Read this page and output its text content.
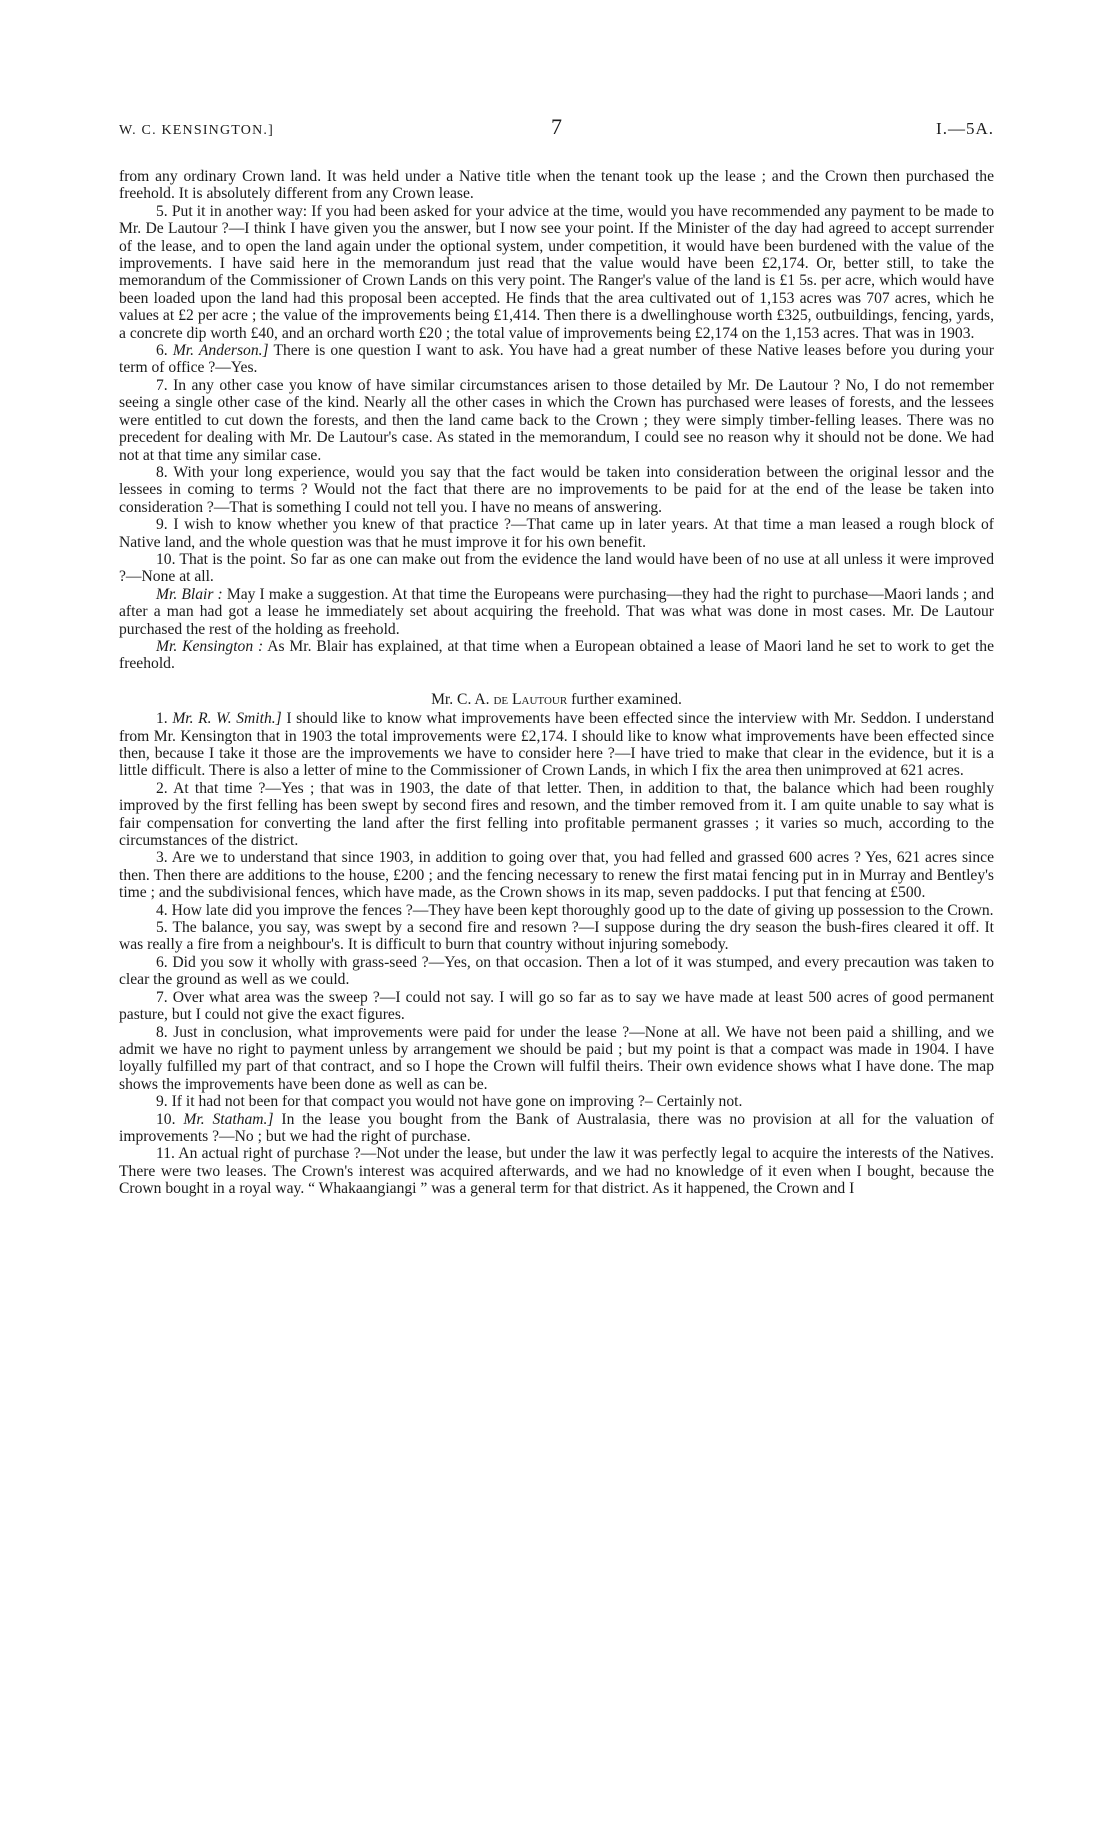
W. C. KENSINGTON.]	7	I.—5A.

from any ordinary Crown land. It was held under a Native title when the tenant took up the lease ; and the Crown then purchased the freehold. It is absolutely different from any Crown lease.

5. Put it in another way: If you had been asked for your advice at the time, would you have recommended any payment to be made to Mr. De Lautour ?—I think I have given you the answer, but I now see your point. If the Minister of the day had agreed to accept surrender of the lease, and to open the land again under the optional system, under competition, it would have been burdened with the value of the improvements. I have said here in the memorandum just read that the value would have been £2,174. Or, better still, to take the memorandum of the Commissioner of Crown Lands on this very point. The Ranger's value of the land is £1 5s. per acre, which would have been loaded upon the land had this proposal been accepted. He finds that the area cultivated out of 1,153 acres was 707 acres, which he values at £2 per acre ; the value of the improvements being £1,414. Then there is a dwellinghouse worth £325, outbuildings, fencing, yards, a concrete dip worth £40, and an orchard worth £20 ; the total value of improvements being £2,174 on the 1,153 acres. That was in 1903.

6. Mr. Anderson.] There is one question I want to ask. You have had a great number of these Native leases before you during your term of office ?—Yes.

7. In any other case you know of have similar circumstances arisen to those detailed by Mr. De Lautour ? No, I do not remember seeing a single other case of the kind. Nearly all the other cases in which the Crown has purchased were leases of forests, and the lessees were entitled to cut down the forests, and then the land came back to the Crown ; they were simply timber-felling leases. There was no precedent for dealing with Mr. De Lautour's case. As stated in the memorandum, I could see no reason why it should not be done. We had not at that time any similar case.

8. With your long experience, would you say that the fact would be taken into consideration between the original lessor and the lessees in coming to terms ? Would not the fact that there are no improvements to be paid for at the end of the lease be taken into consideration ?—That is something I could not tell you. I have no means of answering.

9. I wish to know whether you knew of that practice ?—That came up in later years. At that time a man leased a rough block of Native land, and the whole question was that he must improve it for his own benefit.

10. That is the point. So far as one can make out from the evidence the land would have been of no use at all unless it were improved ?—None at all.

Mr. Blair : May I make a suggestion. At that time the Europeans were purchasing—they had the right to purchase—Maori lands ; and after a man had got a lease he immediately set about acquiring the freehold. That was what was done in most cases. Mr. De Lautour purchased the rest of the holding as freehold.

Mr. Kensington : As Mr. Blair has explained, at that time when a European obtained a lease of Maori land he set to work to get the freehold.

Mr. C. A. de Lautour further examined.

1. Mr. R. W. Smith.] I should like to know what improvements have been effected since the interview with Mr. Seddon. I understand from Mr. Kensington that in 1903 the total improvements were £2,174. I should like to know what improvements have been effected since then, because I take it those are the improvements we have to consider here ?—I have tried to make that clear in the evidence, but it is a little difficult. There is also a letter of mine to the Commissioner of Crown Lands, in which I fix the area then unimproved at 621 acres.

2. At that time ?—Yes ; that was in 1903, the date of that letter. Then, in addition to that, the balance which had been roughly improved by the first felling has been swept by second fires and resown, and the timber removed from it. I am quite unable to say what is fair compensation for converting the land after the first felling into profitable permanent grasses ; it varies so much, according to the circumstances of the district.

3. Are we to understand that since 1903, in addition to going over that, you had felled and grassed 600 acres ? Yes, 621 acres since then. Then there are additions to the house, £200 ; and the fencing necessary to renew the first matai fencing put in in Murray and Bentley's time ; and the subdivisional fences, which have made, as the Crown shows in its map, seven paddocks. I put that fencing at £500.

4. How late did you improve the fences ?—They have been kept thoroughly good up to the date of giving up possession to the Crown.

5. The balance, you say, was swept by a second fire and resown ?—I suppose during the dry season the bush-fires cleared it off. It was really a fire from a neighbour's. It is difficult to burn that country without injuring somebody.

6. Did you sow it wholly with grass-seed ?—Yes, on that occasion. Then a lot of it was stumped, and every precaution was taken to clear the ground as well as we could.

7. Over what area was the sweep ?—I could not say. I will go so far as to say we have made at least 500 acres of good permanent pasture, but I could not give the exact figures.

8. Just in conclusion, what improvements were paid for under the lease ?—None at all. We have not been paid a shilling, and we admit we have no right to payment unless by arrangement we should be paid ; but my point is that a compact was made in 1904. I have loyally fulfilled my part of that contract, and so I hope the Crown will fulfil theirs. Their own evidence shows what I have done. The map shows the improvements have been done as well as can be.

9. If it had not been for that compact you would not have gone on improving ?– Certainly not.

10. Mr. Statham.] In the lease you bought from the Bank of Australasia, there was no provision at all for the valuation of improvements ?—No ; but we had the right of purchase.

11. An actual right of purchase ?—Not under the lease, but under the law it was perfectly legal to acquire the interests of the Natives. There were two leases. The Crown's interest was acquired afterwards, and we had no knowledge of it even when I bought, because the Crown bought in a royal way. “ Whakaangiangi ” was a general term for that district. As it happened, the Crown and I
